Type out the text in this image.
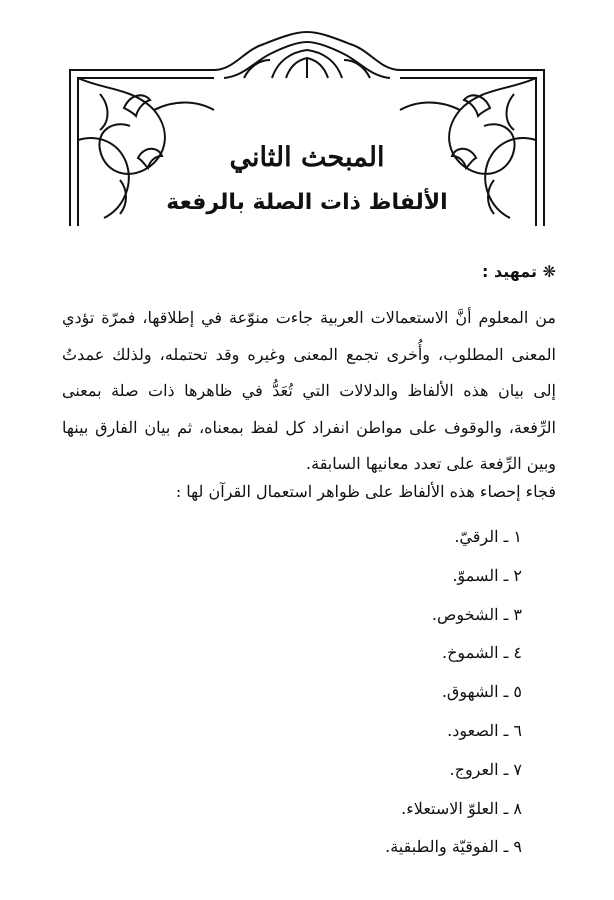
المبحث الثاني
الألفاظ ذات الصلة بالرفعة
❋ تمهيد :

من المعلوم أنَّ الاستعمالات العربية جاءت منوّعة في إطلاقها، فمرّة تؤدي المعنى المطلوب، وأُخرى تجمع المعنى وغيره وقد تحتمله، ولذلك عمدتُ إلى بيان هذه الألفاظ والدلالات التي تُعَدُّ في ظاهرها ذات صلة بمعنى الرِّفعة، والوقوف على مواطن انفراد كل لفظ بمعناه، ثم بيان الفارق بينها وبين الرِّفعة على تعدد معانيها السابقة.

فجاء إحصاء هذه الألفاظ على ظواهر استعمال القرآن لها :
١ ـ الرقيّ.
٢ ـ السموّ.
٣ ـ الشخوص.
٤ ـ الشموخ.
٥ ـ الشهوق.
٦ ـ الصعود.
٧ ـ العروج.
٨ ـ العلوّ الاستعلاء.
٩ ـ الفوقيّة والطبقية.
